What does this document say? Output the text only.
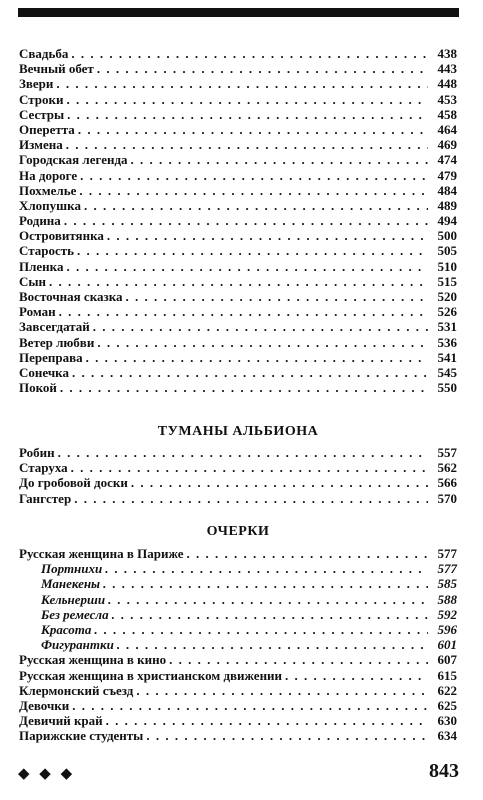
Свадьба . . .	438
Вечный обет . . .	443
Звери . . .	448
Строки . . .	453
Сестры . . .	458
Оперетта . . .	464
Измена . . .	469
Городская легенда . . .	474
На дороге . . .	479
Похмелье . . .	484
Хлопушка . . .	489
Родина . . .	494
Островитянка . . .	500
Старость . . .	505
Пленка . . .	510
Сын . . .	515
Восточная сказка . . .	520
Роман . . .	526
Завсегдатай . . .	531
Ветер любви . . .	536
Переправа . . .	541
Сонечка . . .	545
Покой . . .	550
ТУМАНЫ АЛЬБИОНА
Робин . . .	557
Старуха . . .	562
До гробовой доски . . .	566
Гангстер . . .	570
ОЧЕРКИ
Русская женщина в Париже . . .	577
Портнихи . . .	577
Манекены . . .	585
Кельнерши . . .	588
Без ремесла . . .	592
Красота . . .	596
Фигурантки . . .	601
Русская женщина в кино . . .	607
Русская женщина в христианском движении . . .	615
Клермонский съезд . . .	622
Девочки . . .	625
Девичий край . . .	630
Парижские студенты . . .	634
◆ ◆ ◆	843
